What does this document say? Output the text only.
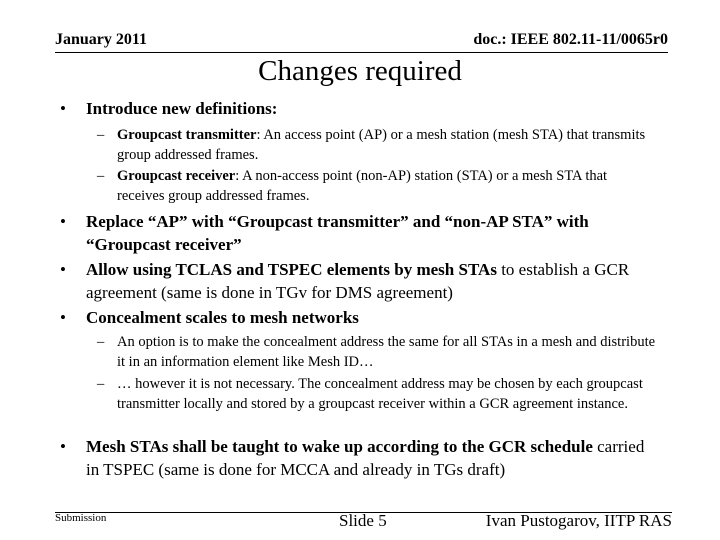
January 2011	doc.: IEEE 802.11-11/0065r0
Changes required
• Introduce new definitions:
– Groupcast transmitter: An access point (AP) or a mesh station (mesh STA) that transmits group addressed frames.
– Groupcast receiver: A non-access point (non-AP) station (STA) or a mesh STA that receives group addressed frames.
• Replace “AP” with “Groupcast transmitter” and “non-AP STA” with “Groupcast receiver”
• Allow using TCLAS and TSPEC elements by mesh STAs to establish a GCR agreement (same is done in TGv for DMS agreement)
• Concealment scales to mesh networks
– An option is to make the concealment address the same for all STAs in a mesh and distribute it in an information element like Mesh ID…
– … however it is not necessary. The concealment address may be chosen by each groupcast transmitter locally and stored by a groupcast receiver within a GCR agreement instance.
• Mesh STAs shall be taught to wake up according to the GCR schedule carried in TSPEC (same is done for MCCA and already in TGs draft)
Submission	Slide 5	Ivan Pustogarov, IITP RAS
